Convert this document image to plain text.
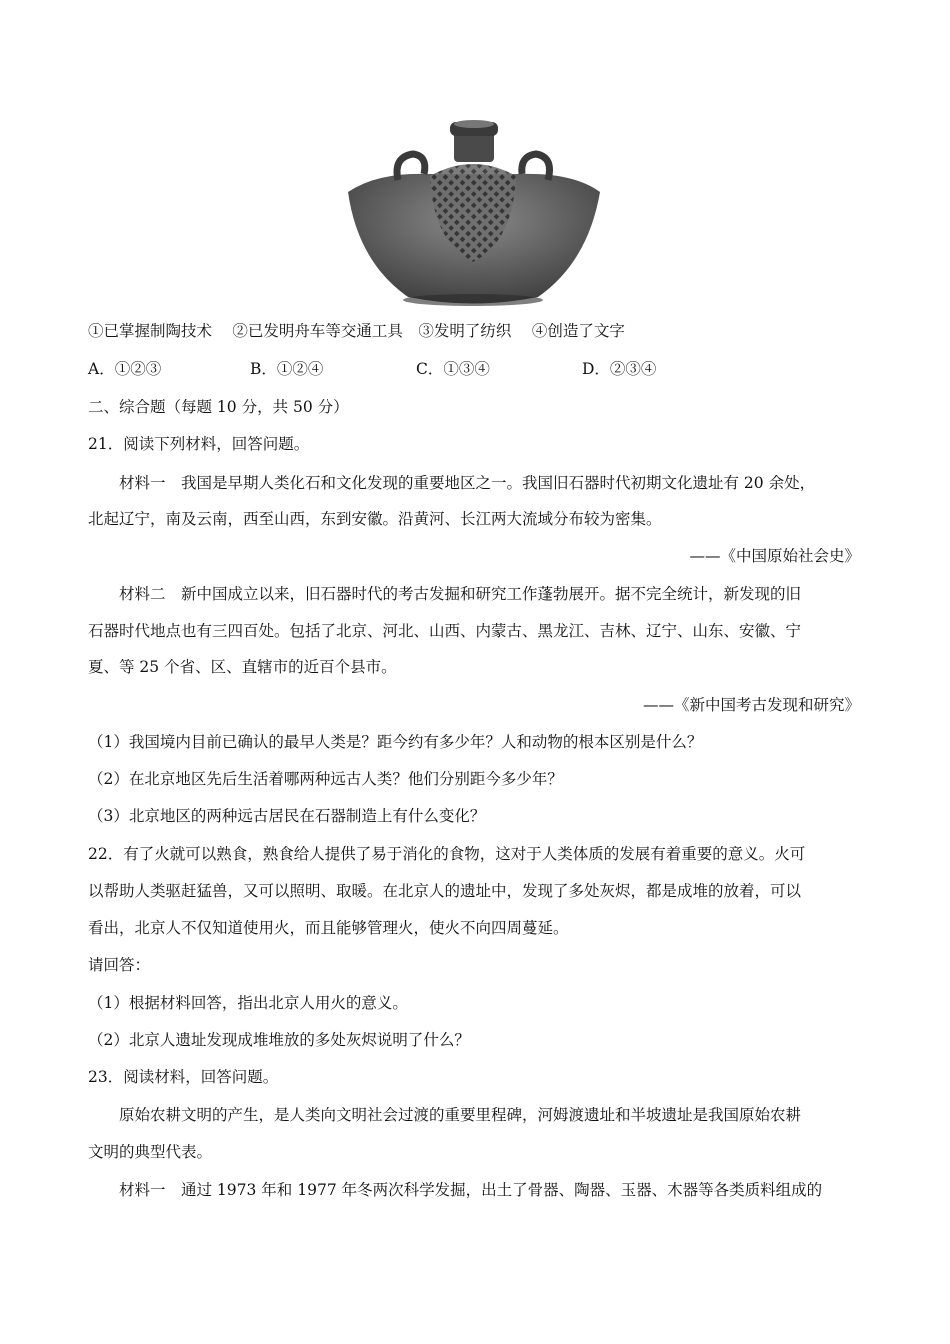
①已掌握制陶技术　 ②已发明舟车等交通工具　③发明了纺织　 ④创造了文字
A．①②③	B．①②④	C．①③④	D．②③④
二、综合题（每题 10 分，共 50 分）
21．阅读下列材料，回答问题。
材料一　我国是早期人类化石和文化发现的重要地区之一。我国旧石器时代初期文化遗址有 20 余处，
北起辽宁，南及云南，西至山西，东到安徽。沿黄河、长江两大流域分布较为密集。
——《中国原始社会史》
材料二　新中国成立以来，旧石器时代的考古发掘和研究工作蓬勃展开。据不完全统计，新发现的旧
石器时代地点也有三四百处。包括了北京、河北、山西、内蒙古、黑龙江、吉林、辽宁、山东、安徽、宁
夏、等 25 个省、区、直辖市的近百个县市。
——《新中国考古发现和研究》
（1）我国境内目前已确认的最早人类是？距今约有多少年？人和动物的根本区别是什么？
（2）在北京地区先后生活着哪两种远古人类？他们分别距今多少年？
（3）北京地区的两种远古居民在石器制造上有什么变化？
22．有了火就可以熟食，熟食给人提供了易于消化的食物，这对于人类体质的发展有着重要的意义。火可
以帮助人类驱赶猛兽，又可以照明、取暖。在北京人的遗址中，发现了多处灰烬，都是成堆的放着，可以
看出，北京人不仅知道使用火，而且能够管理火，使火不向四周蔓延。
请回答：
（1）根据材料回答，指出北京人用火的意义。
（2）北京人遗址发现成堆堆放的多处灰烬说明了什么？
23．阅读材料，回答问题。
原始农耕文明的产生，是人类向文明社会过渡的重要里程碑，河姆渡遗址和半坡遗址是我国原始农耕
文明的典型代表。
材料一　通过 1973 年和 1977 年冬两次科学发掘，出土了骨器、陶器、玉器、木器等各类质料组成的
